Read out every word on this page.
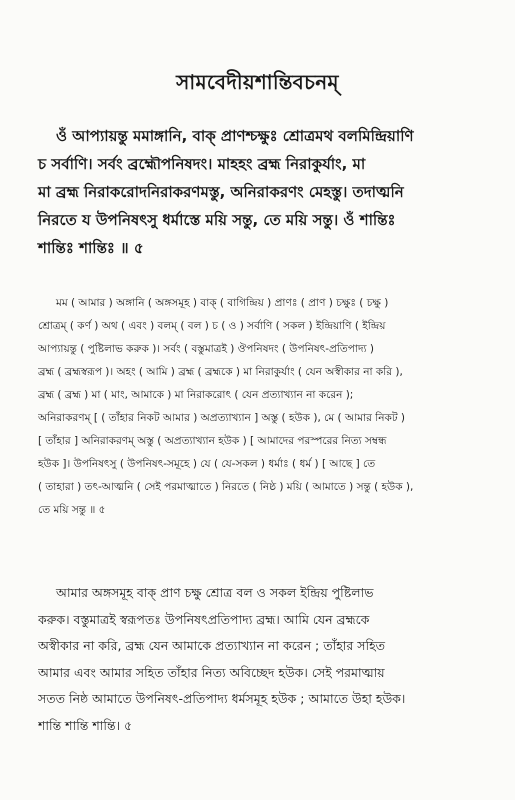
সামবেদীয়শান্তিবচনম্
ওঁ আপ্যায়ন্তু মমাঙ্গানি, বাক্ প্রাণশ্চক্ষুঃ শ্রোত্রমথ বলমিন্দ্রিয়াণি
চ সর্বাণি। সর্বং ব্রহ্মৌপনিষদং। মাহহং ব্রহ্ম নিরাকুর্যাং, মা
মা ব্রহ্ম নিরাকরোদনিরাকরণমস্তু, অনিরাকরণং মেহস্তু। তদাত্মনি
নিরতে য উপনিষৎসু ধর্মাস্তে ময়ি সন্তু, তে ময়ি সন্তু। ওঁ শান্তিঃ
শান্তিঃ শান্তিঃ ॥ ৫
মম ( আমার ) অঙ্গানি ( অঙ্গসমূহ ) বাক্ ( বাগিন্দ্রিয় ) প্রাণঃ ( প্রাণ ) চক্ষুঃ ( চক্ষু )
শ্রোত্রম্ ( কর্ণ ) অথ ( এবং ) বলম্ ( বল ) চ ( ও ) সর্বাণি ( সকল ) ইন্দ্রিয়াণি ( ইন্দ্রিয়
আপ্যায়ন্তু ( পুষ্টিলাভ করুক )। সর্বং ( বস্তুমাত্রই ) ঔপনিষদং ( উপনিষৎ-প্রতিপাদ্য )
ব্রহ্ম ( ব্রহ্মস্বরূপ )। অহং ( আমি ) ব্রহ্ম ( ব্রহ্মকে ) মা নিরাকুর্যাং ( যেন অস্বীকার না করি ),
ব্রহ্ম ( ব্রহ্ম ) মা ( মাং, আমাকে ) মা নিরাকরোৎ ( যেন প্রত্যাখ্যান না করেন );
অনিরাকরণম্ [ ( তাঁহার নিকট আমার ) অপ্রত্যাখ্যান ] অস্তু ( হউক ), মে ( আমার নিকট )
[ তাঁহার ] অনিরাকরণম্ অস্তু ( অপ্রত্যাখ্যান হউক ) [ আমাদের পরস্পরের নিত্য সম্বন্ধ
হউক ]। উপনিষৎসু ( উপনিষৎ-সমূহে ) যে ( যে-সকল ) ধর্মাঃ ( ধর্ম ) [ আছে ] তে
( তাহারা ) তৎ-আত্মনি ( সেই পরমাত্মাতে ) নিরতে ( নিষ্ঠ ) ময়ি ( আমাতে ) সন্তু ( হউক ),
তে ময়ি সন্তু ॥ ৫
আমার অঙ্গসমূহ বাক্ প্রাণ চক্ষু শ্রোত্র বল ও সকল ইন্দ্রিয় পুষ্টিলাভ
করুক। বস্তুমাত্রই স্বরূপতঃ উপনিষৎপ্রতিপাদ্য ব্রহ্ম। আমি যেন ব্রহ্মকে
অস্বীকার না করি, ব্রহ্ম যেন আমাকে প্রত্যাখ্যান না করেন ; তাঁহার সহিত
আমার এবং আমার সহিত তাঁহার নিত্য অবিচ্ছেদ হউক। সেই পরমাত্মায়
সতত নিষ্ঠ আমাতে উপনিষৎ-প্রতিপাদ্য ধর্মসমূহ হউক ; আমাতে উহা হউক।
শান্তি শান্তি শান্তি। ৫
